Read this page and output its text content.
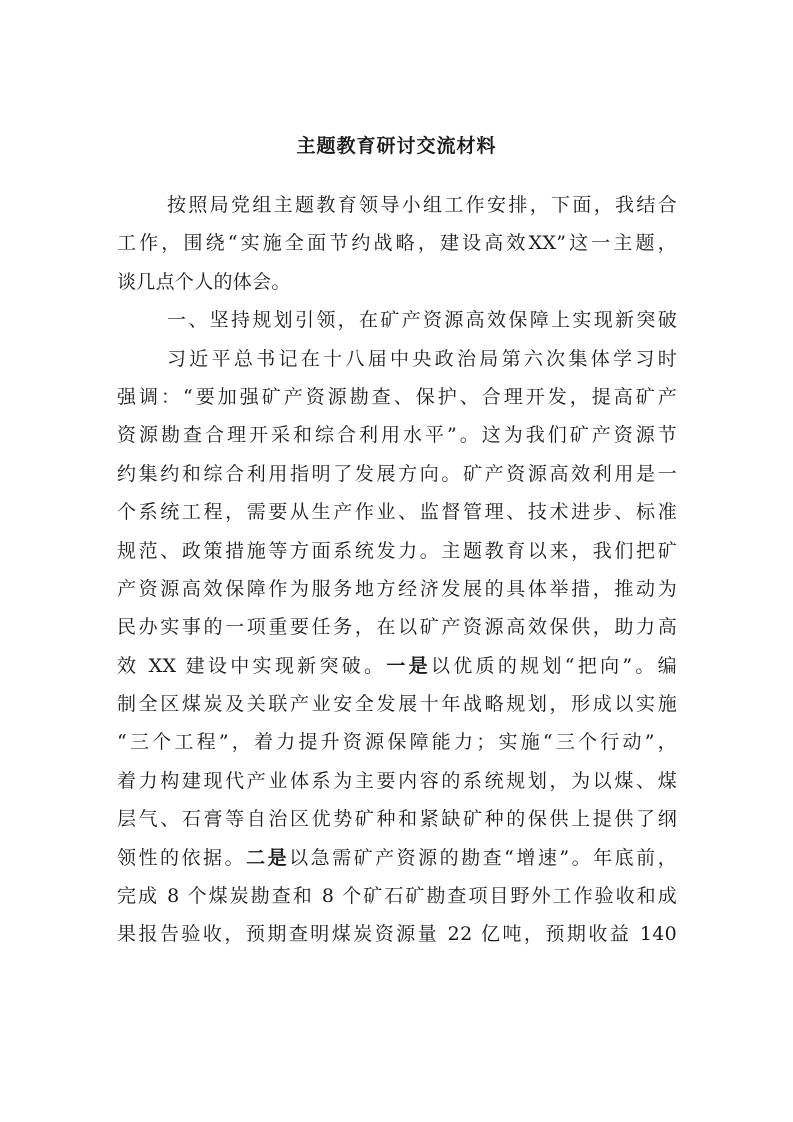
主题教育研讨交流材料
按照局党组主题教育领导小组工作安排，下面，我结合
工作，围绕“实施全面节约战略，建设高效XX”这一主题，
谈几点个人的体会。
一、坚持规划引领，在矿产资源高效保障上实现新突破
习近平总书记在十八届中央政治局第六次集体学习时
强调：“要加强矿产资源勘查、保护、合理开发，提高矿产
资源勘查合理开采和综合利用水平”。这为我们矿产资源节
约集约和综合利用指明了发展方向。矿产资源高效利用是一
个系统工程，需要从生产作业、监督管理、技术进步、标准
规范、政策措施等方面系统发力。主题教育以来，我们把矿
产资源高效保障作为服务地方经济发展的具体举措，推动为
民办实事的一项重要任务，在以矿产资源高效保供，助力高
效 XX 建设中实现新突破。一是以优质的规划“把向”。编
制全区煤炭及关联产业安全发展十年战略规划，形成以实施
“三个工程”，着力提升资源保障能力；实施“三个行动”，
着力构建现代产业体系为主要内容的系统规划，为以煤、煤
层气、石膏等自治区优势矿种和紧缺矿种的保供上提供了纲
领性的依据。二是以急需矿产资源的勘查“增速”。年底前，
完成 8 个煤炭勘查和 8 个矿石矿勘查项目野外工作验收和成
果报告验收，预期查明煤炭资源量 22 亿吨，预期收益 140
